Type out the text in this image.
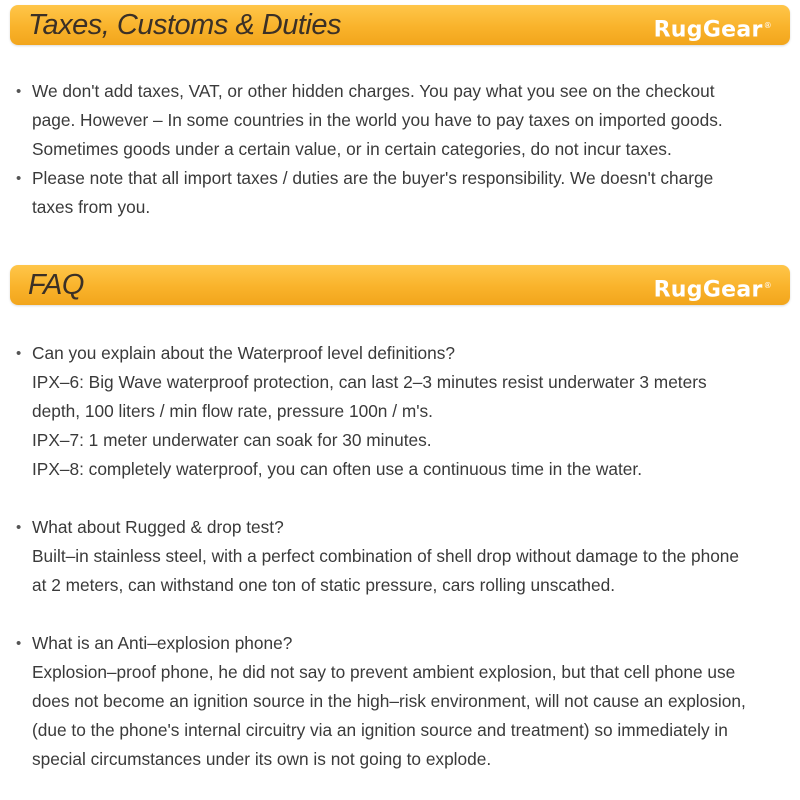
Taxes, Customs & Duties	RugGear®
• We don't add taxes, VAT, or other hidden charges. You pay what you see on the checkout
page. However – In some countries in the world you have to pay taxes on imported goods.
Sometimes goods under a certain value, or in certain categories, do not incur taxes.
• Please note that all import taxes / duties are the buyer's responsibility. We doesn't charge
taxes from you.
FAQ	RugGear®
• Can you explain about the Waterproof level definitions?
IPX–6: Big Wave waterproof protection, can last 2–3 minutes resist underwater 3 meters
depth, 100 liters / min flow rate, pressure 100n / m's.
IPX–7: 1 meter underwater can soak for 30 minutes.
IPX–8: completely waterproof, you can often use a continuous time in the water.
• What about Rugged & drop test?
Built–in stainless steel, with a perfect combination of shell drop without damage to the phone
at 2 meters, can withstand one ton of static pressure, cars rolling unscathed.
• What is an Anti–explosion phone?
Explosion–proof phone, he did not say to prevent ambient explosion, but that cell phone use
does not become an ignition source in the high–risk environment, will not cause an explosion,
(due to the phone's internal circuitry via an ignition source and treatment) so immediately in
special circumstances under its own is not going to explode.
